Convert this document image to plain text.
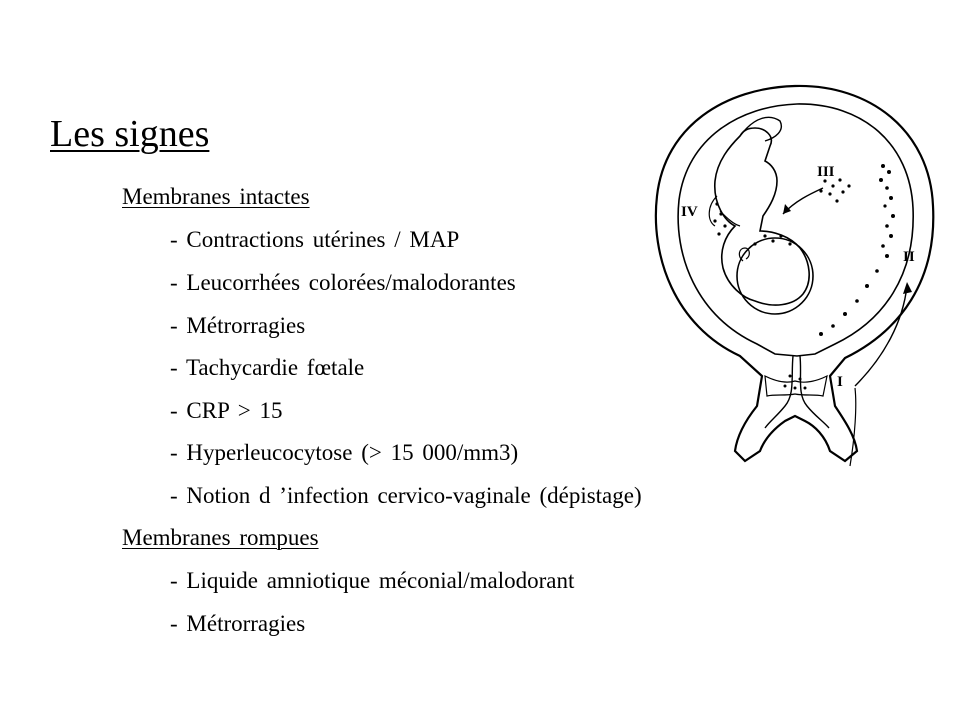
Les signes
Membranes intactes
- Contractions utérines / MAP
- Leucorrhées colorées/malodorantes
- Métrorragies
- Tachycardie fœtale
- CRP > 15
- Hyperleucocytose (> 15 000/mm3)
- Notion d ’infection cervico-vaginale (dépistage)
Membranes rompues
- Liquide amniotique méconial/malodorant
- Métrorragies
III
IV
II
I
